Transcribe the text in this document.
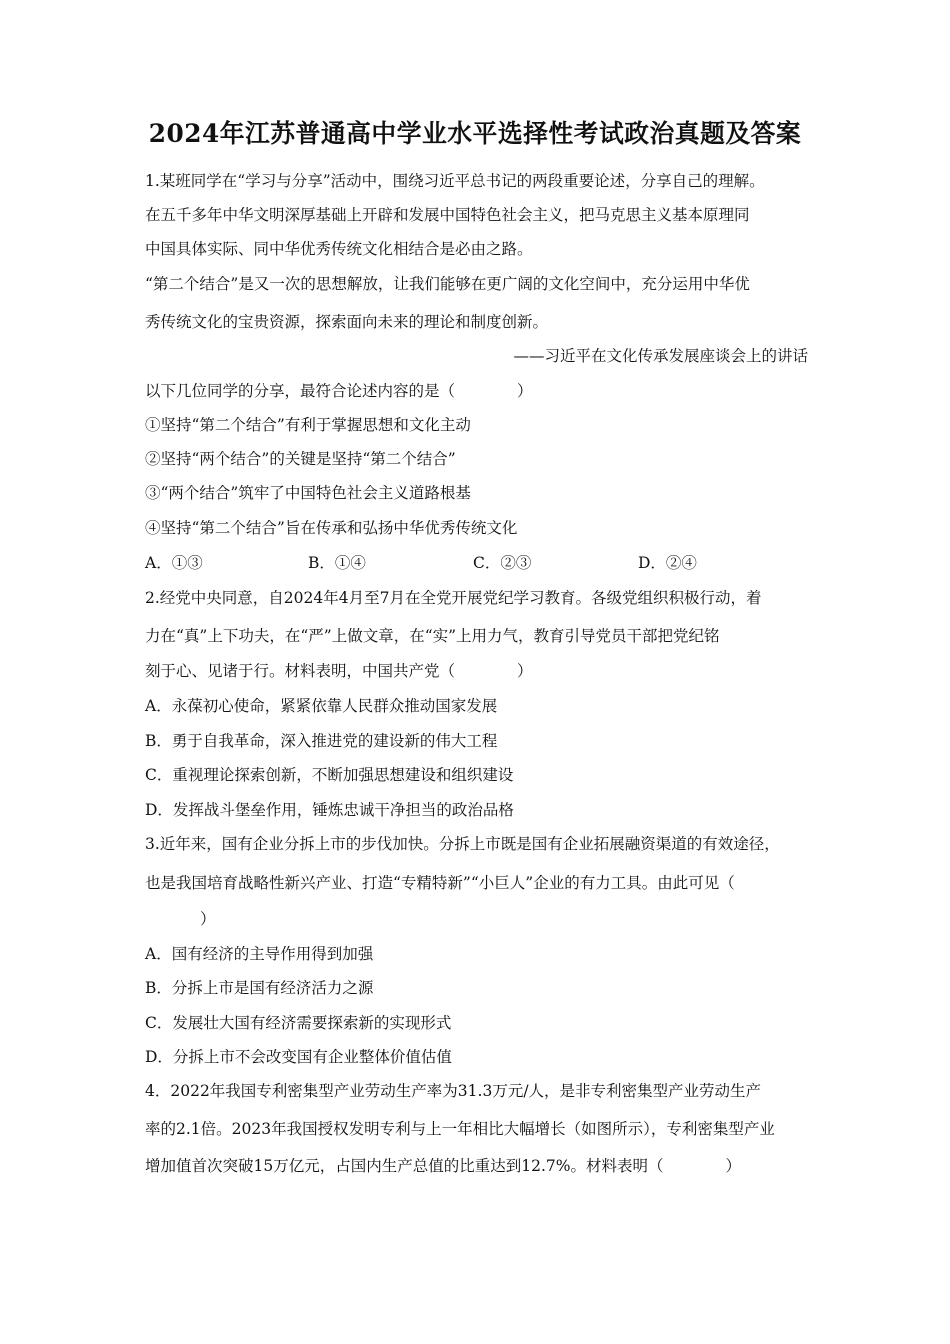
2024年江苏普通高中学业水平选择性考试政治真题及答案
1.某班同学在“学习与分享”活动中，围绕习近平总书记的两段重要论述，分享自己的理解。
在五千多年中华文明深厚基础上开辟和发展中国特色社会主义，把马克思主义基本原理同
中国具体实际、同中华优秀传统文化相结合是必由之路。
“第二个结合”是又一次的思想解放，让我们能够在更广阔的文化空间中，充分运用中华优
秀传统文化的宝贵资源，探索面向未来的理论和制度创新。
——习近平在文化传承发展座谈会上的讲话
以下几位同学的分享，最符合论述内容的是（　　　　）
①坚持“第二个结合”有利于掌握思想和文化主动
②坚持“两个结合”的关键是坚持“第二个结合”
③“两个结合”筑牢了中国特色社会主义道路根基
④坚持“第二个结合”旨在传承和弘扬中华优秀传统文化
A．①③	B．①④	C．②③	D．②④
2.经党中央同意，自2024年4月至7月在全党开展党纪学习教育。各级党组织积极行动，着
力在“真”上下功夫，在“严”上做文章，在“实”上用力气，教育引导党员干部把党纪铭
刻于心、见诸于行。材料表明，中国共产党（　　　　）
A．永葆初心使命，紧紧依靠人民群众推动国家发展
B．勇于自我革命，深入推进党的建设新的伟大工程
C．重视理论探索创新，不断加强思想建设和组织建设
D．发挥战斗堡垒作用，锤炼忠诚干净担当的政治品格
3.近年来，国有企业分拆上市的步伐加快。分拆上市既是国有企业拓展融资渠道的有效途径，
也是我国培育战略性新兴产业、打造“专精特新”“小巨人”企业的有力工具。由此可见（
）
A．国有经济的主导作用得到加强
B．分拆上市是国有经济活力之源
C．发展壮大国有经济需要探索新的实现形式
D．分拆上市不会改变国有企业整体价值估值
4．2022年我国专利密集型产业劳动生产率为31.3万元/人，是非专利密集型产业劳动生产
率的2.1倍。2023年我国授权发明专利与上一年相比大幅增长（如图所示），专利密集型产业
增加值首次突破15万亿元，占国内生产总值的比重达到12.7%。材料表明（　　　　）
